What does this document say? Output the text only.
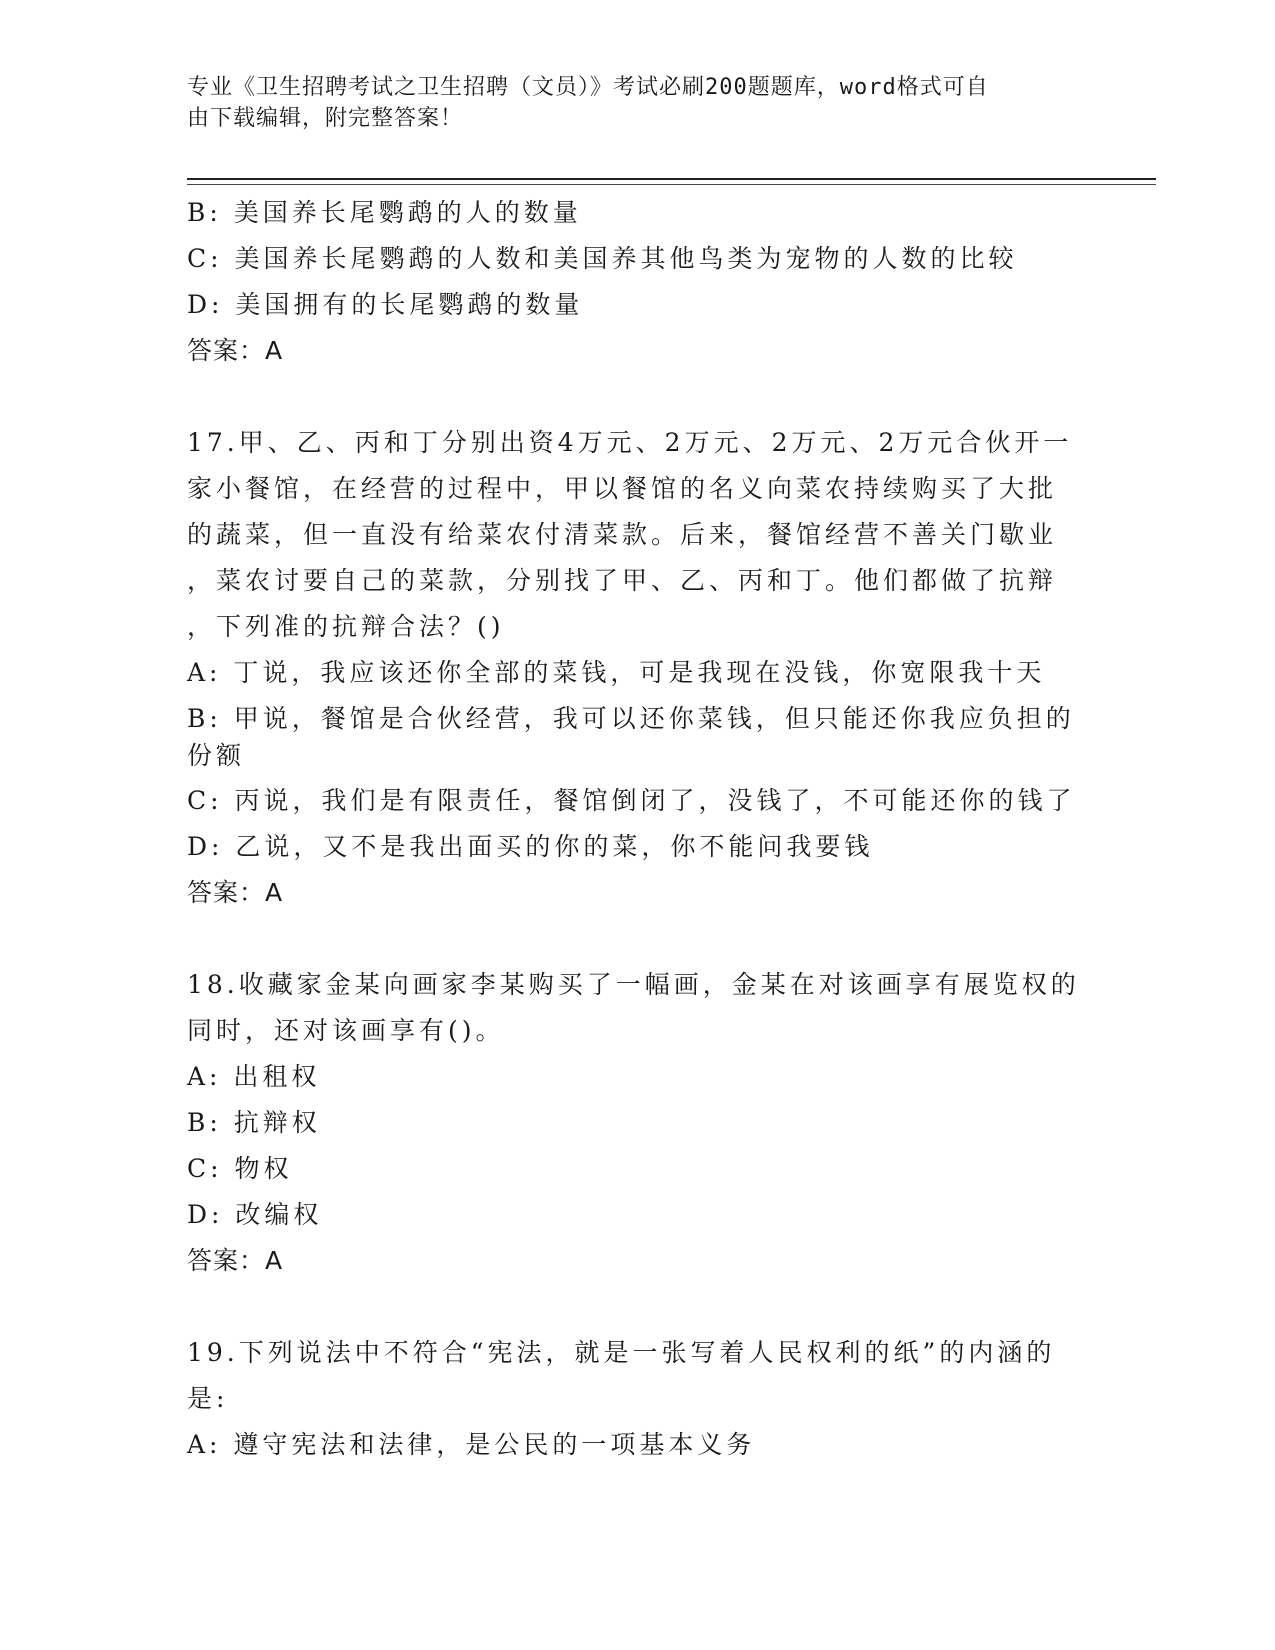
专业《卫生招聘考试之卫生招聘（文员）》考试必刷200题题库，word格式可自
由下载编辑，附完整答案！
B: 美国养长尾鹦鹉的人的数量
C: 美国养长尾鹦鹉的人数和美国养其他鸟类为宠物的人数的比较
D: 美国拥有的长尾鹦鹉的数量
答案：A
17.甲、乙、丙和丁分别出资4万元、2万元、2万元、2万元合伙开一
家小餐馆，在经营的过程中，甲以餐馆的名义向菜农持续购买了大批
的蔬菜，但一直没有给菜农付清菜款。后来，餐馆经营不善关门歇业
，菜农讨要自己的菜款，分别找了甲、乙、丙和丁。他们都做了抗辩
，下列准的抗辩合法？()
A: 丁说，我应该还你全部的菜钱，可是我现在没钱，你宽限我十天
B: 甲说，餐馆是合伙经营，我可以还你菜钱，但只能还你我应负担的
份额
C: 丙说，我们是有限责任，餐馆倒闭了，没钱了，不可能还你的钱了
D: 乙说，又不是我出面买的你的菜，你不能问我要钱
答案：A
18.收藏家金某向画家李某购买了一幅画，金某在对该画享有展览权的
同时，还对该画享有()。
A: 出租权
B: 抗辩权
C: 物权
D: 改编权
答案：A
19.下列说法中不符合“宪法，就是一张写着人民权利的纸”的内涵的
是:
A: 遵守宪法和法律，是公民的一项基本义务
